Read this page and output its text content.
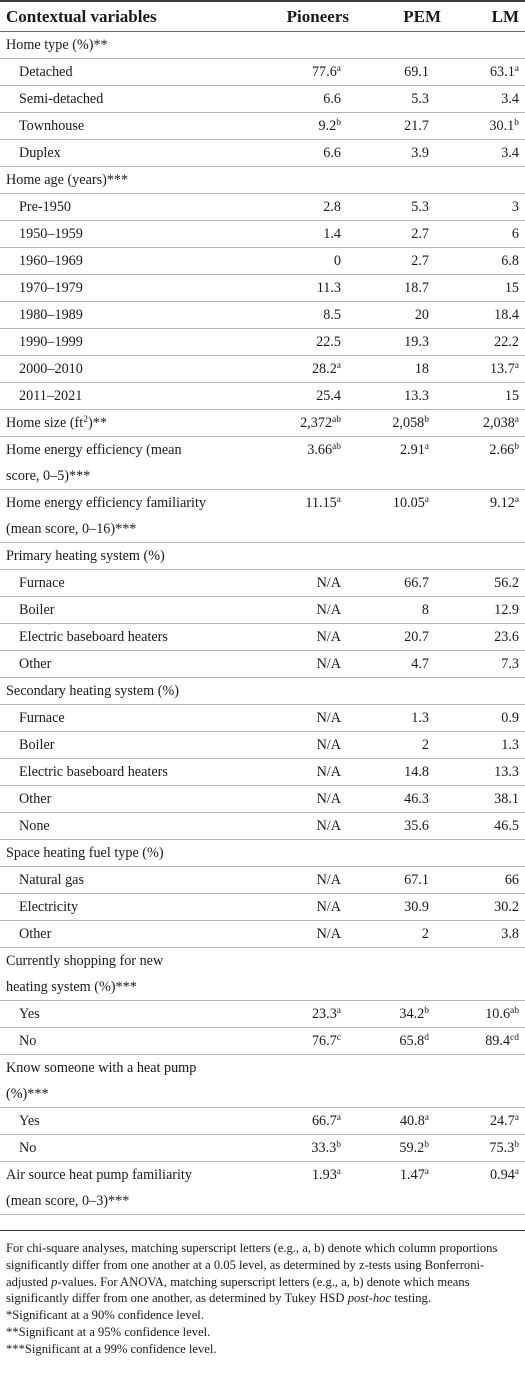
Contextual variables	Pioneers	PEM	LM
Home type (%)**			
Detached	77.6$^a$	69.1	63.1$^a$
Semi-detached	6.6	5.3	3.4
Townhouse	9.2$^b$	21.7	30.1$^b$
Duplex	6.6	3.9	3.4
Home age (years)***			
Pre-1950	2.8	5.3	3
1950–1959	1.4	2.7	6
1960–1969	0	2.7	6.8
1970–1979	11.3	18.7	15
1980–1989	8.5	20	18.4
1990–1999	22.5	19.3	22.2
2000–2010	28.2$^a$	18	13.7$^a$
2011–2021	25.4	13.3	15
Home size $(ft^2)**$	2,372$^{ab}$	2,058$^b$	2,038$^a$
Home energy efficiency (mean	3.66$^{ab}$	2.91$^a$	2.66$^b$
score, 0–5)***			
Home energy efficiency familiarity	11.15$^a$	10.05$^a$	9.12$^a$
(mean score, 0–16)***			
Primary heating system (%)			
Furnace	N/A	66.7	56.2
Boiler	N/A	8	12.9
Electric baseboard heaters	N/A	20.7	23.6
Other	N/A	4.7	7.3
Secondary heating system (%)			
Furnace	N/A	1.3	0.9
Boiler	N/A	2	1.3
Electric baseboard heaters	N/A	14.8	13.3
Other	N/A	46.3	38.1
None	N/A	35.6	46.5
Space heating fuel type (%)			
Natural gas	N/A	67.1	66
Electricity	N/A	30.9	30.2
Other	N/A	2	3.8
Currently shopping for new			
heating system (%)***			
Yes	23.3$^a$	34.2$^b$	10.6$^{ab}$
No	76.7$^c$	65.8$^d$	89.4$^{cd}$
Know someone with a heat pump			
(%)***			
Yes	66.7$^a$	40.8$^a$	24.7$^a$
No	33.3$^b$	59.2$^b$	75.3$^b$
Air source heat pump familiarity	1.93$^a$	1.47$^a$	0.94$^a$
(mean score, 0–3)***			

For chi-square analyses, matching superscript letters (e.g., a, b) denote which column proportions significantly differ from one another at a 0.05 level, as determined by z-tests using Bonferroni-adjusted p-values. For ANOVA, matching superscript letters (e.g., a, b) denote which means significantly differ from one another, as determined by Tukey HSD post-hoc testing.

*Significant at a 90% confidence level.

**Significant at a 95% confidence level.

***Significant at a 99% confidence level.
